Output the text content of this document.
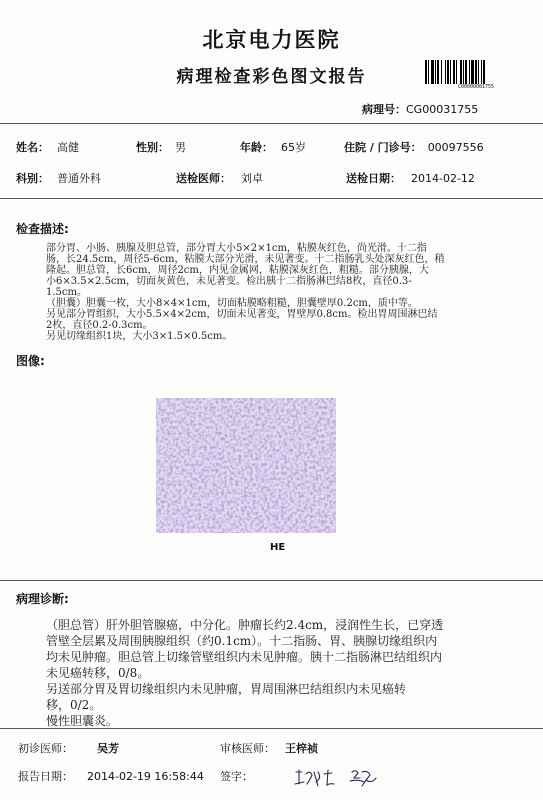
北京电力医院
病理检查彩色图文报告	C00000001755
病理号：CG00031755
姓名： 高健	性别： 男	年龄： 65岁	住院 / 门诊号： 00097556
科别： 普通外科	送检医师： 刘卓	送检日期： 2014-02-12
检查描述:
部分胃、小肠、胰腺及胆总管，部分胃大小5×2×1cm，粘膜灰红色，尚光滑。十二指
肠，长24.5cm，周径5-6cm，粘膜大部分光滑，未见著变。十二指肠乳头处深灰红色，稍
隆起。胆总管，长6cm，周径2cm，内见金属网，粘膜深灰红色，粗糙。部分胰腺，大
小6×3.5×2.5cm，切面灰黄色，未见著变。检出胰十二指肠淋巴结8枚，直径0.3-
1.5cm。
（胆囊）胆囊一枚，大小8×4×1cm，切面粘膜略粗糙，胆囊壁厚0.2cm，质中等。
另见部分胃组织，大小5.5×4×2cm，切面未见著变，胃壁厚0.8cm。检出胃周围淋巴结
2枚，直径0.2-0.3cm。
另见切缘组织1块，大小3×1.5×0.5cm。
图像:
HE
病理诊断:
（胆总管）肝外胆管腺癌，中分化。肿瘤长约2.4cm，浸润性生长，已穿透
管壁全层累及周围胰腺组织（约0.1cm）。十二指肠、胃、胰腺切缘组织内
均未见肿瘤。胆总管上切缘管壁组织内未见肿瘤。胰十二指肠淋巴结组织内
未见癌转移，0/8。
另送部分胃及胃切缘组织内未见肿瘤，胃周围淋巴结组织内未见癌转
移，0/2。
慢性胆囊炎。
初诊医师： 吴芳	审核医师： 王梓祯
报告日期： 2014-02-19 16:58:44 签字：
